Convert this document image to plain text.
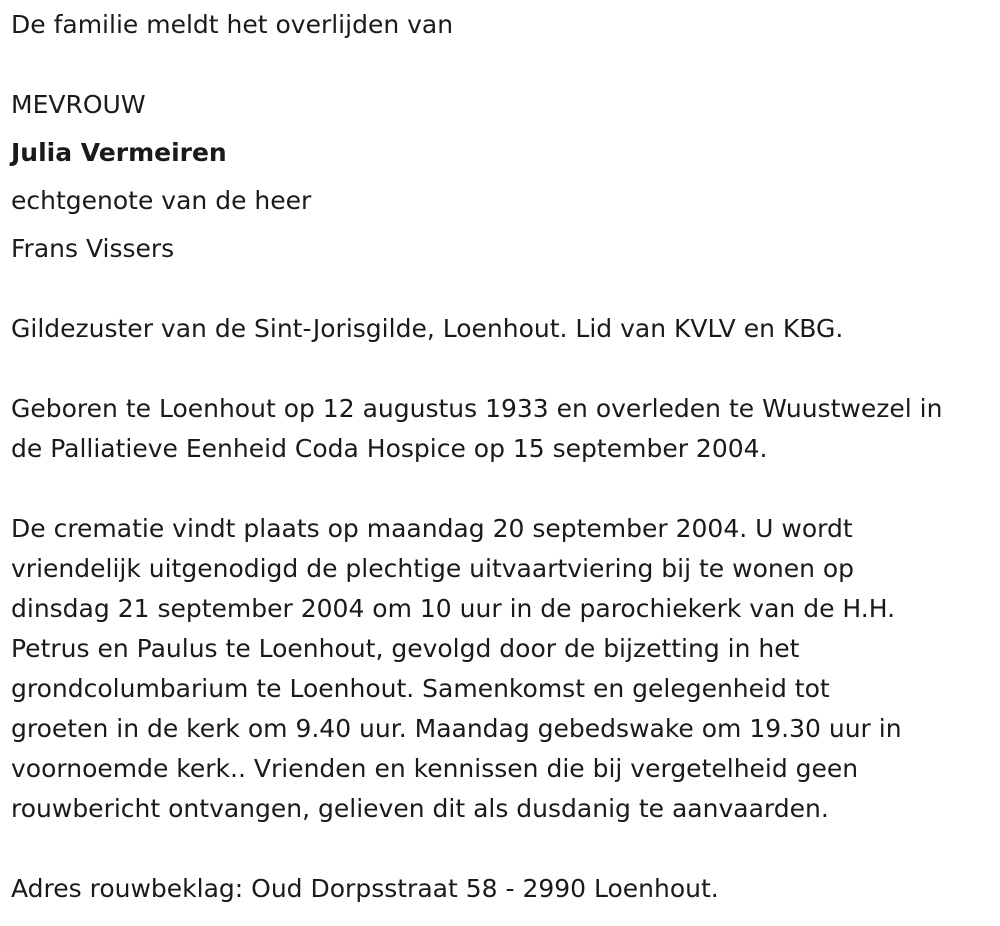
De familie meldt het overlijden van

MEVROUW

Julia Vermeiren

echtgenote van de heer

Frans Vissers

Gildezuster van de Sint-Jorisgilde, Loenhout. Lid van KVLV en KBG.

Geboren te Loenhout op 12 augustus 1933 en overleden te Wuustwezel in

de Palliatieve Eenheid Coda Hospice op 15 september 2004.

De crematie vindt plaats op maandag 20 september 2004. U wordt

vriendelijk uitgenodigd de plechtige uitvaartviering bij te wonen op

dinsdag 21 september 2004 om 10 uur in de parochiekerk van de H.H.

Petrus en Paulus te Loenhout, gevolgd door de bijzetting in het

grondcolumbarium te Loenhout. Samenkomst en gelegenheid tot

groeten in de kerk om 9.40 uur. Maandag gebedswake om 19.30 uur in

voornoemde kerk.. Vrienden en kennissen die bij vergetelheid geen

rouwbericht ontvangen, gelieven dit als dusdanig te aanvaarden.

Adres rouwbeklag: Oud Dorpsstraat 58 - 2990 Loenhout.
